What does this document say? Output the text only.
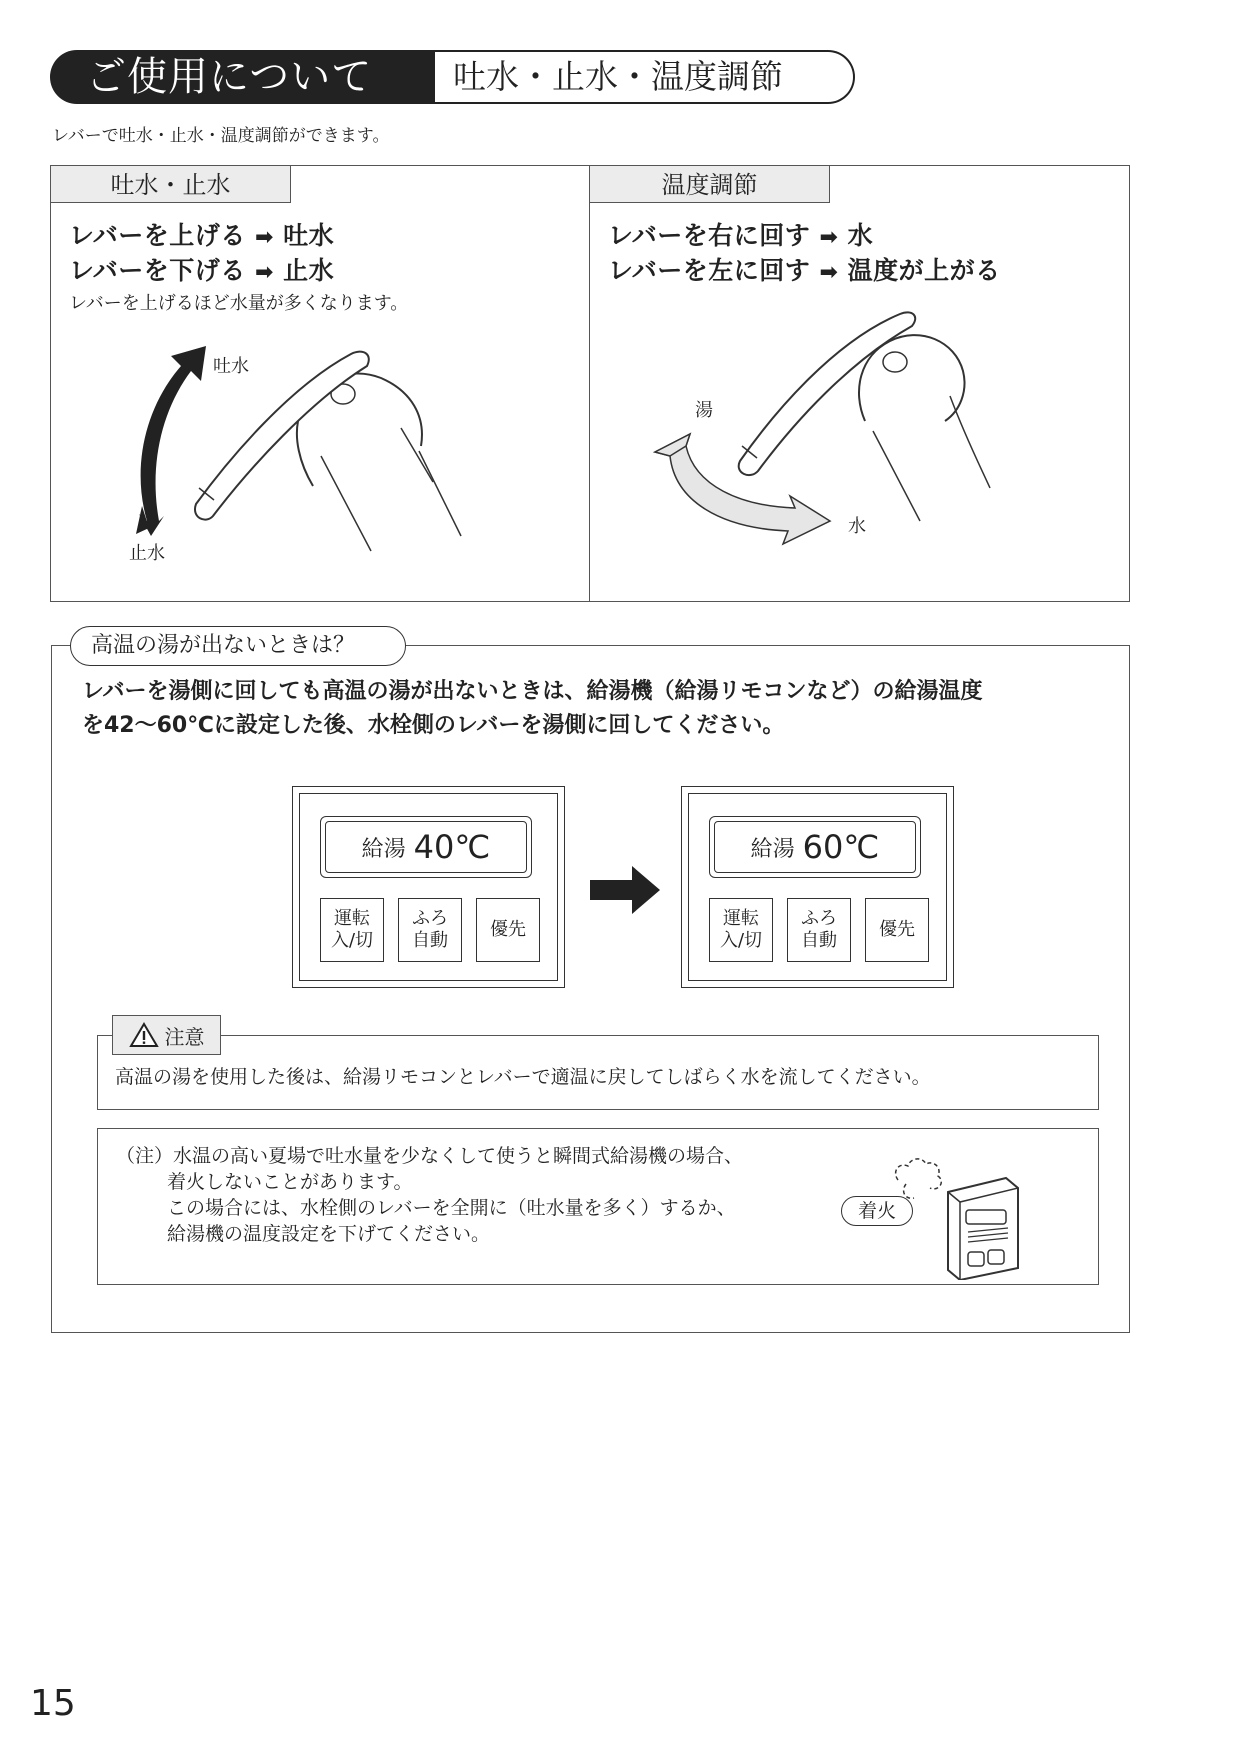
ご使用について	吐水・止水・温度調節
レバーで吐水・止水・温度調節ができます。
吐水・止水
レバーを上げる ➡ 吐水
レバーを下げる ➡ 止水
レバーを上げるほど水量が多くなります。
吐水
止水
温度調節
レバーを右に回す ➡ 水
レバーを左に回す ➡ 温度が上がる
湯
水
高温の湯が出ないときは？
レバーを湯側に回しても高温の湯が出ないときは、給湯機（給湯リモコンなど）の給湯温度
を42〜60℃に設定した後、水栓側のレバーを湯側に回してください。
給湯 40℃
運転
入/切
ふろ
自動
優先
給湯 60℃
運転
入/切
ふろ
自動
優先
注意
高温の湯を使用した後は、給湯リモコンとレバーで適温に戻してしばらく水を流してください。
（注）水温の高い夏場で吐水量を少なくして使うと瞬間式給湯機の場合、
着火しないことがあります。
この場合には、水栓側のレバーを全開に（吐水量を多く）するか、
給湯機の温度設定を下げてください。
着火
15
